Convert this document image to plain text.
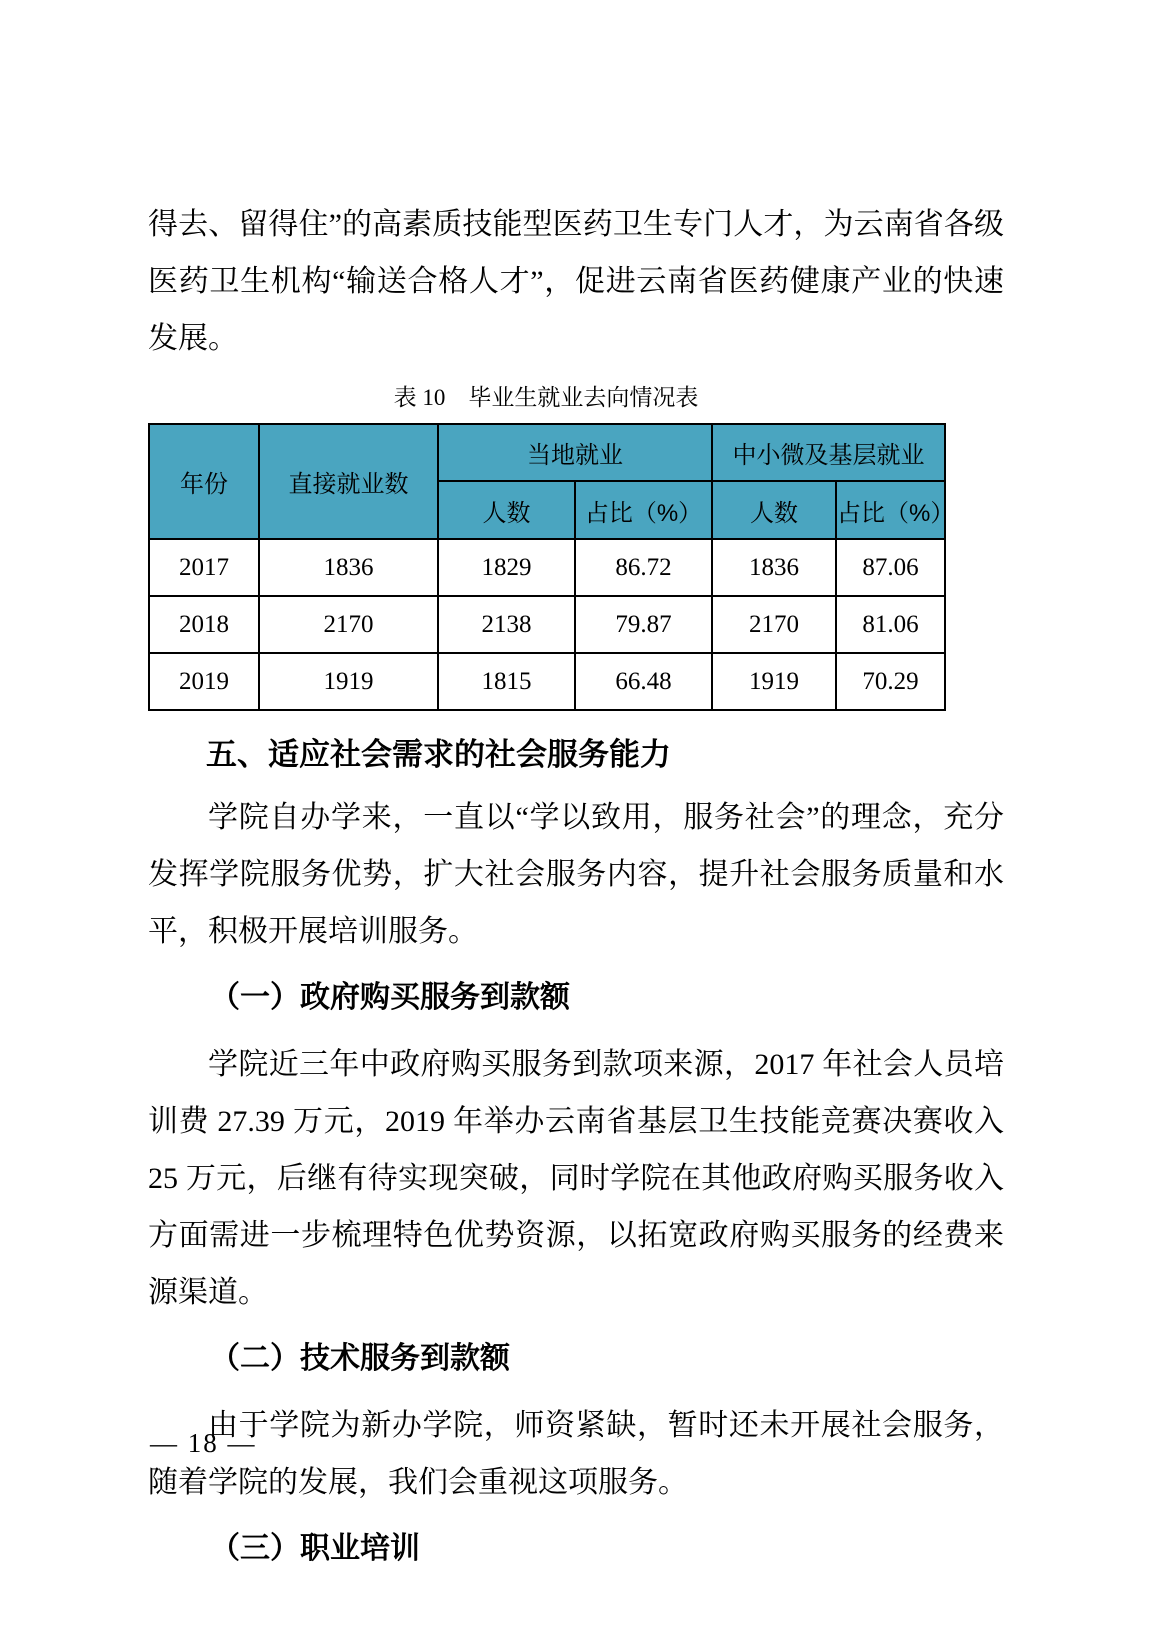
得去、留得住”的高素质技能型医药卫生专门人才，为云南省各级医药卫生机构“输送合格人才”，促进云南省医药健康产业的快速发展。

表 10　毕业生就业去向情况表
年份	直接就业数	当地就业		中小微及基层就业	
		人数	占比（%）	人数	占比（%）
2017	1836	1829	86.72	1836	87.06
2018	2170	2138	79.87	2170	81.06
2019	1919	1815	66.48	1919	70.29
五、适应社会需求的社会服务能力

学院自办学来，一直以“学以致用，服务社会”的理念，充分发挥学院服务优势，扩大社会服务内容，提升社会服务质量和水平，积极开展培训服务。

（一）政府购买服务到款额

学院近三年中政府购买服务到款项来源，2017 年社会人员培训费 27.39 万元，2019 年举办云南省基层卫生技能竞赛决赛收入 25 万元，后继有待实现突破，同时学院在其他政府购买服务收入方面需进一步梳理特色优势资源，以拓宽政府购买服务的经费来源渠道。

（二）技术服务到款额

由于学院为新办学院，师资紧缺，暂时还未开展社会服务，随着学院的发展，我们会重视这项服务。

（三）职业培训
— 18 —
